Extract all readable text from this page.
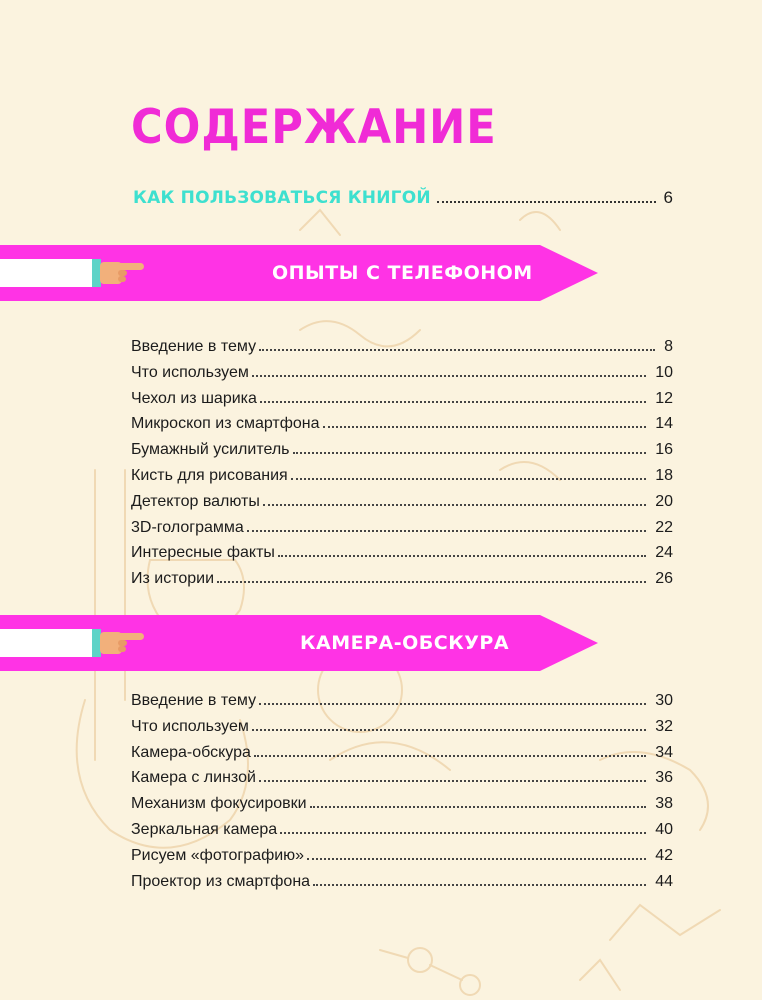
СОДЕРЖАНИЕ
КАК ПОЛЬЗОВАТЬСЯ КНИГОЙ	6
ОПЫТЫ С ТЕЛЕФОНОМ
Введение в тему	8
Что используем	10
Чехол из шарика	12
Микроскоп из смартфона	14
Бумажный усилитель	16
Кисть для рисования	18
Детектор валюты	20
3D-голограмма	22
Интересные факты	24
Из истории	26
КАМЕРА-ОБСКУРА
Введение в тему	30
Что используем	32
Камера-обскура	34
Камера с линзой	36
Механизм фокусировки	38
Зеркальная камера	40
Рисуем «фотографию»	42
Проектор из смартфона	44
